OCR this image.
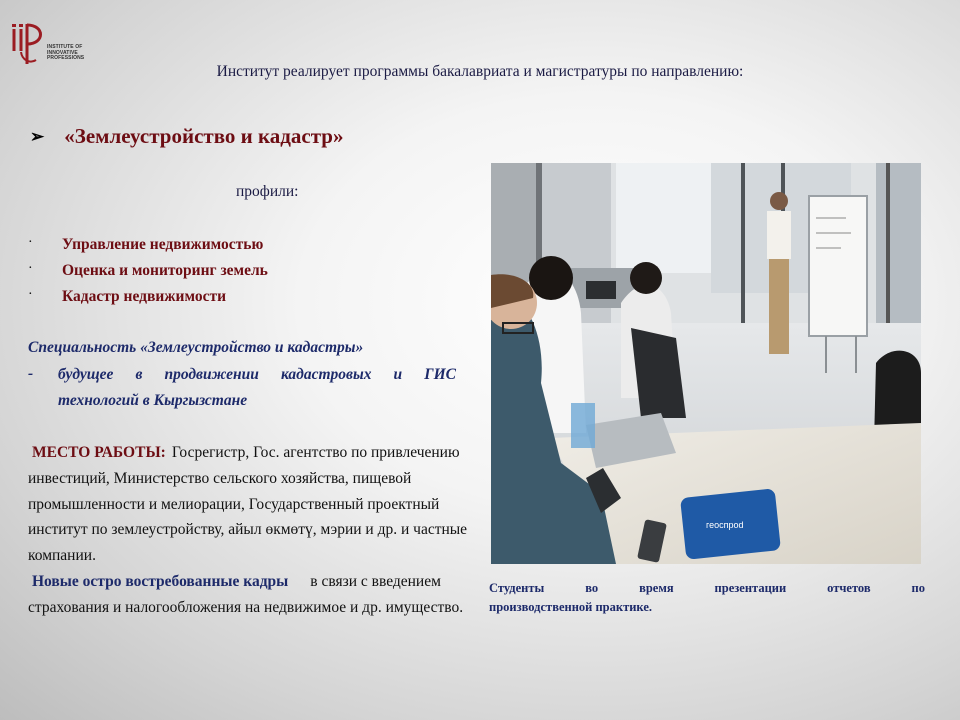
INSTITUTE OF
INNOVATIVE
PROFESSIONS
Институт реалирует программы бакалавриата и магистратуры по направлению:
➢ «Землеустройство и кадастр»
профили:
· Управление недвижимостью
· Оценка и мониторинг земель
· Кадастр недвижимости
Специальность «Землеустройство и кадастры»
-	будущее в продвижении кадастровых и ГИС
технологий в Кыргызстане
МЕСТО РАБОТЫ: Госрегистр, Гос. агентство по привлечению инвестиций, Министерство сельского хозяйства, пищевой промышленности и мелиорации, Государственный проектный институт по землеустройству, айыл өкмөтү, мэрии и др. и частные компании.
Новые остро востребованные кадры в связи с введением страхования и налогообложения на недвижимое и др. имущество.
геоспроd
Студенты во время презентации отчетов по
производственной практике.
